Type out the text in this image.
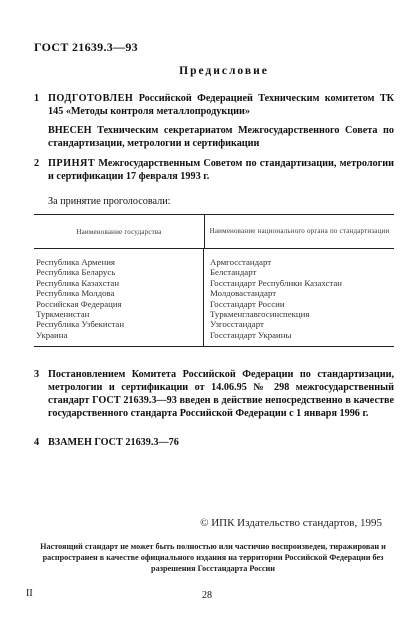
ГОСТ 21639.3—93
Предисловие
1 ПОДГОТОВЛЕН Российской Федерацией Техническим комитетом ТК 145 «Методы контроля металлопродукции»
ВНЕСЕН Техническим секретариатом Межгосударственного Совета по стандартизации, метрологии и сертификации
2 ПРИНЯТ Межгосударственным Советом по стандартизации, метрологии и сертификации 17 февраля 1993 г.
За принятие проголосовали:
Наименование государства	Наименование национального органа по стандартизации
Республика Армения
Республика Беларусь
Республика Казахстан
Республика Молдова
Российская Федерация
Туркменистан
Республика Узбекистан
Украина
Армгосстандарт
Белстандарт
Госстандарт Республики Казахстан
Молдовастандарт
Госстандарт России
Туркменглавгосинспекция
Узгосстандарт
Госстандарт Украины
3 Постановлением Комитета Российской Федерации по стандартизации, метрологии и сертификации от 14.06.95 № 298 межгосударственный стандарт ГОСТ 21639.3—93 введен в действие непосредственно в качестве государственного стандарта Российской Федерации с 1 января 1996 г.
4 ВЗАМЕН ГОСТ 21639.3—76
© ИПК Издательство стандартов, 1995
Настоящий стандарт не может быть полностью или частично воспроизведен, тиражирован и распространен в качестве официального издания на территории Российской Федерации без разрешения Госстандарта России
II	28
